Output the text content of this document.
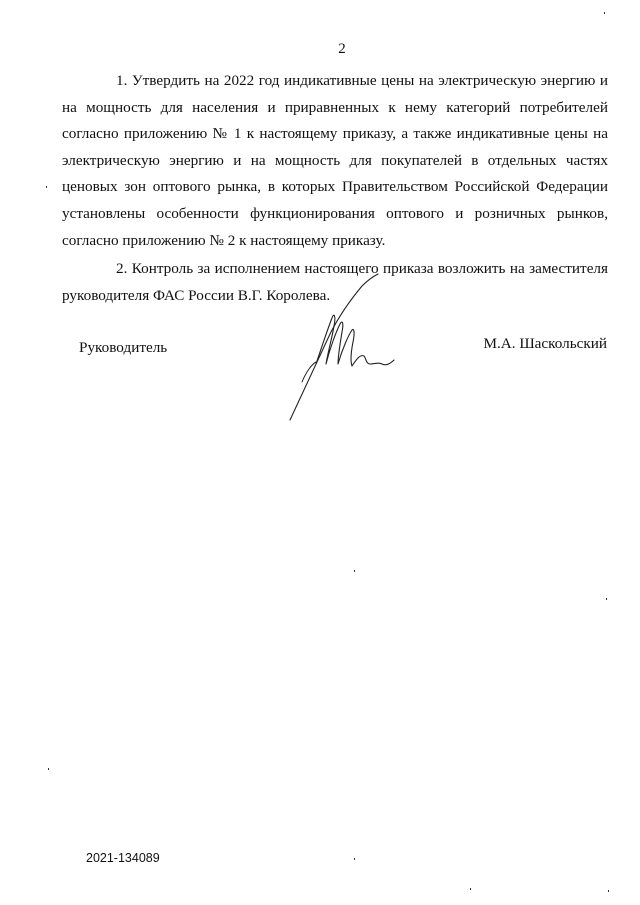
2

1. Утвердить на 2022 год индикативные цены на электрическую энергию и на мощность для населения и приравненных к нему категорий потребителей согласно приложению № 1 к настоящему приказу, а также индикативные цены на электрическую энергию и на мощность для покупателей в отдельных частях ценовых зон оптового рынка, в которых Правительством Российской Федерации установлены особенности функционирования оптового и розничных рынков, согласно приложению № 2 к настоящему приказу.

2. Контроль за исполнением настоящего приказа возложить на заместителя руководителя ФАС России В.Г. Королева.

Руководитель	М.А. Шаскольский
2021-134089
